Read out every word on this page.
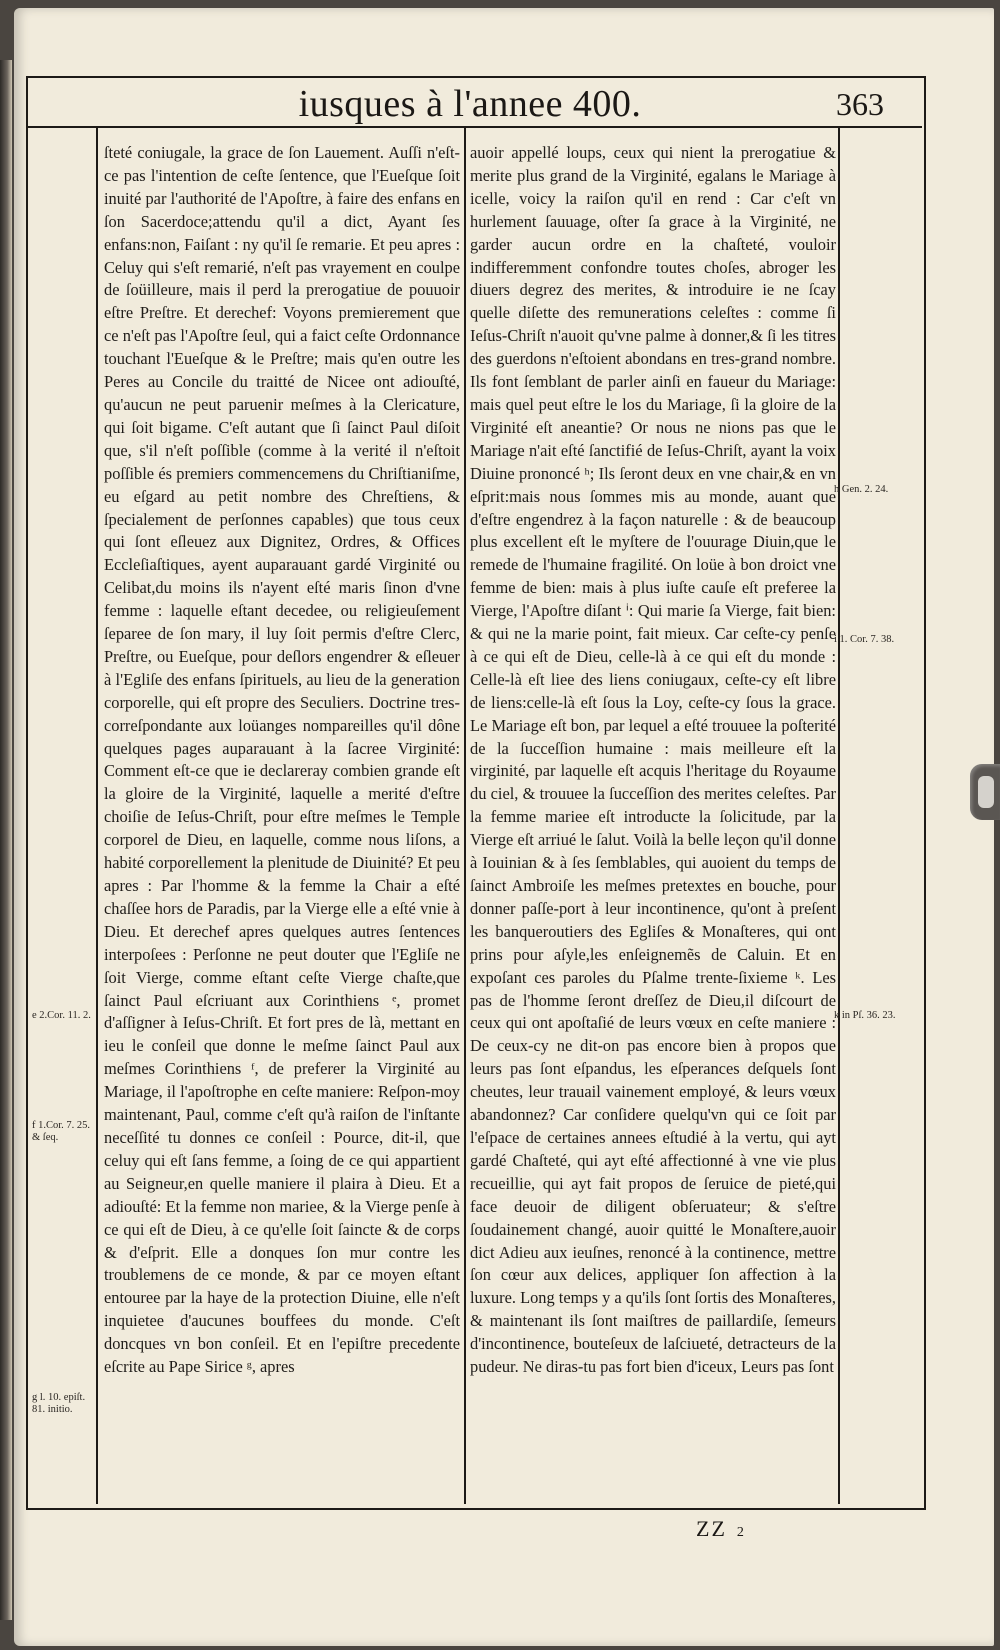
iusques à l'annee 400.	363

ſteté coniugale, la grace de ſon Lauement. Auſſi n'eſt-ce pas l'intention de ceſte ſentence, que l'Eueſque ſoit inuité par l'authorité de l'Apoſtre, à faire des enfans en ſon Sacerdoce;attendu qu'il a dict, Ayant ſes enfans:non, Faiſant : ny qu'il ſe remarie. Et peu apres : Celuy qui s'eſt remarié, n'eſt pas vrayement en coulpe de ſoüilleure, mais il perd la prerogatiue de pouuoir eſtre Preſtre. Et derechef: Voyons premierement que ce n'eſt pas l'Apoſtre ſeul, qui a faict ceſte Ordonnance touchant l'Eueſque & le Preſtre; mais qu'en outre les Peres au Concile du traitté de Nicee ont adiouſté, qu'aucun ne peut paruenir meſmes à la Clericature, qui ſoit bigame. C'eſt autant que ſi ſainct Paul diſoit que, s'il n'eſt poſſible (comme à la verité il n'eſtoit poſſible és premiers commencemens du Chriſtianiſme, eu eſgard au petit nombre des Chreſtiens, & ſpecialement de perſonnes capables) que tous ceux qui ſont eſleuez aux Dignitez, Ordres, & Offices Eccleſiaſtiques, ayent auparauant gardé Virginité ou Celibat,du moins ils n'ayent eſté maris ſinon d'vne femme : laquelle eſtant decedee, ou religieuſement ſeparee de ſon mary, il luy ſoit permis d'eſtre Clerc, Preſtre, ou Eueſque, pour deſlors engendrer & eſleuer à l'Egliſe des enfans ſpirituels, au lieu de la generation corporelle, qui eſt propre des Seculiers. Doctrine tres-correſpondante aux loüanges nompareilles qu'il dône quelques pages auparauant à la ſacree Virginité: Comment eſt-ce que ie declareray combien grande eſt la gloire de la Virginité, laquelle a merité d'eſtre choiſie de Ieſus-Chriſt, pour eſtre meſmes le Temple corporel de Dieu, en laquelle, comme nous liſons, a habité corporellement la plenitude de Diuinité? Et peu apres : Par l'homme & la femme la Chair a eſté chaſſee hors de Paradis, par la Vierge elle a eſté vnie à Dieu. Et derechef apres quelques autres ſentences interpoſees : Perſonne ne peut douter que l'Egliſe ne ſoit Vierge, comme eſtant ceſte Vierge chaſte,que ſainct Paul eſcriuant aux Corinthiens ᵉ, promet d'aſſigner à Ieſus-Chriſt. Et fort pres de là, mettant en ieu le conſeil que donne le meſme ſainct Paul aux meſmes Corinthiens ᶠ, de preferer la Virginité au Mariage, il l'apoſtrophe en ceſte maniere: Reſpon-moy maintenant, Paul, comme c'eſt qu'à raiſon de l'inſtante neceſſité tu donnes ce conſeil : Pource, dit-il, que celuy qui eſt ſans femme, a ſoing de ce qui appartient au Seigneur,en quelle maniere il plaira à Dieu. Et a adiouſté: Et la femme non mariee, & la Vierge penſe à ce qui eſt de Dieu, à ce qu'elle ſoit ſaincte & de corps & d'eſprit. Elle a donques ſon mur contre les troublemens de ce monde, & par ce moyen eſtant entouree par la haye de la protection Diuine, elle n'eſt inquietee d'aucunes bouffees du monde. C'eſt doncques vn bon conſeil. Et en l'epiſtre precedente eſcrite au Pape Sirice ᵍ, apres

auoir appellé loups, ceux qui nient la prerogatiue & merite plus grand de la Virginité, egalans le Mariage à icelle, voicy la raiſon qu'il en rend : Car c'eſt vn hurlement ſauuage, oſter ſa grace à la Virginité, ne garder aucun ordre en la chaſteté, vouloir indifferemment confondre toutes choſes, abroger les diuers degrez des merites, & introduire ie ne ſcay quelle diſette des remunerations celeſtes : comme ſi Ieſus-Chriſt n'auoit qu'vne palme à donner,& ſi les titres des guerdons n'eſtoient abondans en tres-grand nombre. Ils font ſemblant de parler ainſi en faueur du Mariage: mais quel peut eſtre le los du Mariage, ſi la gloire de la Virginité eſt aneantie? Or nous ne nions pas que le Mariage n'ait eſté ſanctifié de Ieſus-Chriſt, ayant la voix Diuine prononcé ʰ; Ils ſeront deux en vne chair,& en vn eſprit:mais nous ſommes mis au monde, auant que d'eſtre engendrez à la façon naturelle : & de beaucoup plus excellent eſt le myſtere de l'ouurage Diuin,que le remede de l'humaine fragilité. On loüe à bon droict vne femme de bien: mais à plus iuſte cauſe eſt preferee la Vierge, l'Apoſtre diſant ⁱ: Qui marie ſa Vierge, fait bien: & qui ne la marie point, fait mieux. Car ceſte-cy penſe à ce qui eſt de Dieu, celle-là à ce qui eſt du monde : Celle-là eſt liee des liens coniugaux, ceſte-cy eſt libre de liens:celle-là eſt ſous la Loy, ceſte-cy ſous la grace. Le Mariage eſt bon, par lequel a eſté trouuee la poſterité de la ſucceſſion humaine : mais meilleure eſt la virginité, par laquelle eſt acquis l'heritage du Royaume du ciel, & trouuee la ſucceſſion des merites celeſtes. Par la femme mariee eſt introducte la ſolicitude, par la Vierge eſt arriué le ſalut. Voilà la belle leçon qu'il donne à Iouinian & à ſes ſemblables, qui auoient du temps de ſainct Ambroiſe les meſmes pretextes en bouche, pour donner paſſe-port à leur incontinence, qu'ont à preſent les banqueroutiers des Egliſes & Monaſteres, qui ont prins pour aſyle,les enſeignemẽs de Caluin. Et en expoſant ces paroles du Pſalme trente-ſixieme ᵏ. Les pas de l'homme ſeront dreſſez de Dieu,il diſcourt de ceux qui ont apoſtaſié de leurs vœux en ceſte maniere : De ceux-cy ne dit-on pas encore bien à propos que leurs pas ſont eſpandus, les eſperances deſquels ſont cheutes, leur trauail vainement employé, & leurs vœux abandonnez? Car conſidere quelqu'vn qui ce ſoit par l'eſpace de certaines annees eſtudié à la vertu, qui ayt gardé Chaſteté, qui ayt eſté affectionné à vne vie plus recueillie, qui ayt fait propos de ſeruice de pieté,qui face deuoir de diligent obſeruateur; & s'eſtre ſoudainement changé, auoir quitté le Monaſtere,auoir dict Adieu aux ieuſnes, renoncé à la continence, mettre ſon cœur aux delices, appliquer ſon affection à la luxure. Long temps y a qu'ils ſont ſortis des Monaſteres, & maintenant ils ſont maiſtres de paillardiſe, ſemeurs d'incontinence, bouteſeux de laſciueté, detracteurs de la pudeur. Ne diras-tu pas fort bien d'iceux, Leurs pas ſont

e 2.Cor. 11. 2.
f 1.Cor. 7. 25. & ſeq.
g l. 10. epiſt. 81. initio.
h Gen. 2. 24.
i 1. Cor. 7. 38.
k in Pſ. 36. 23.
ZZ 2
